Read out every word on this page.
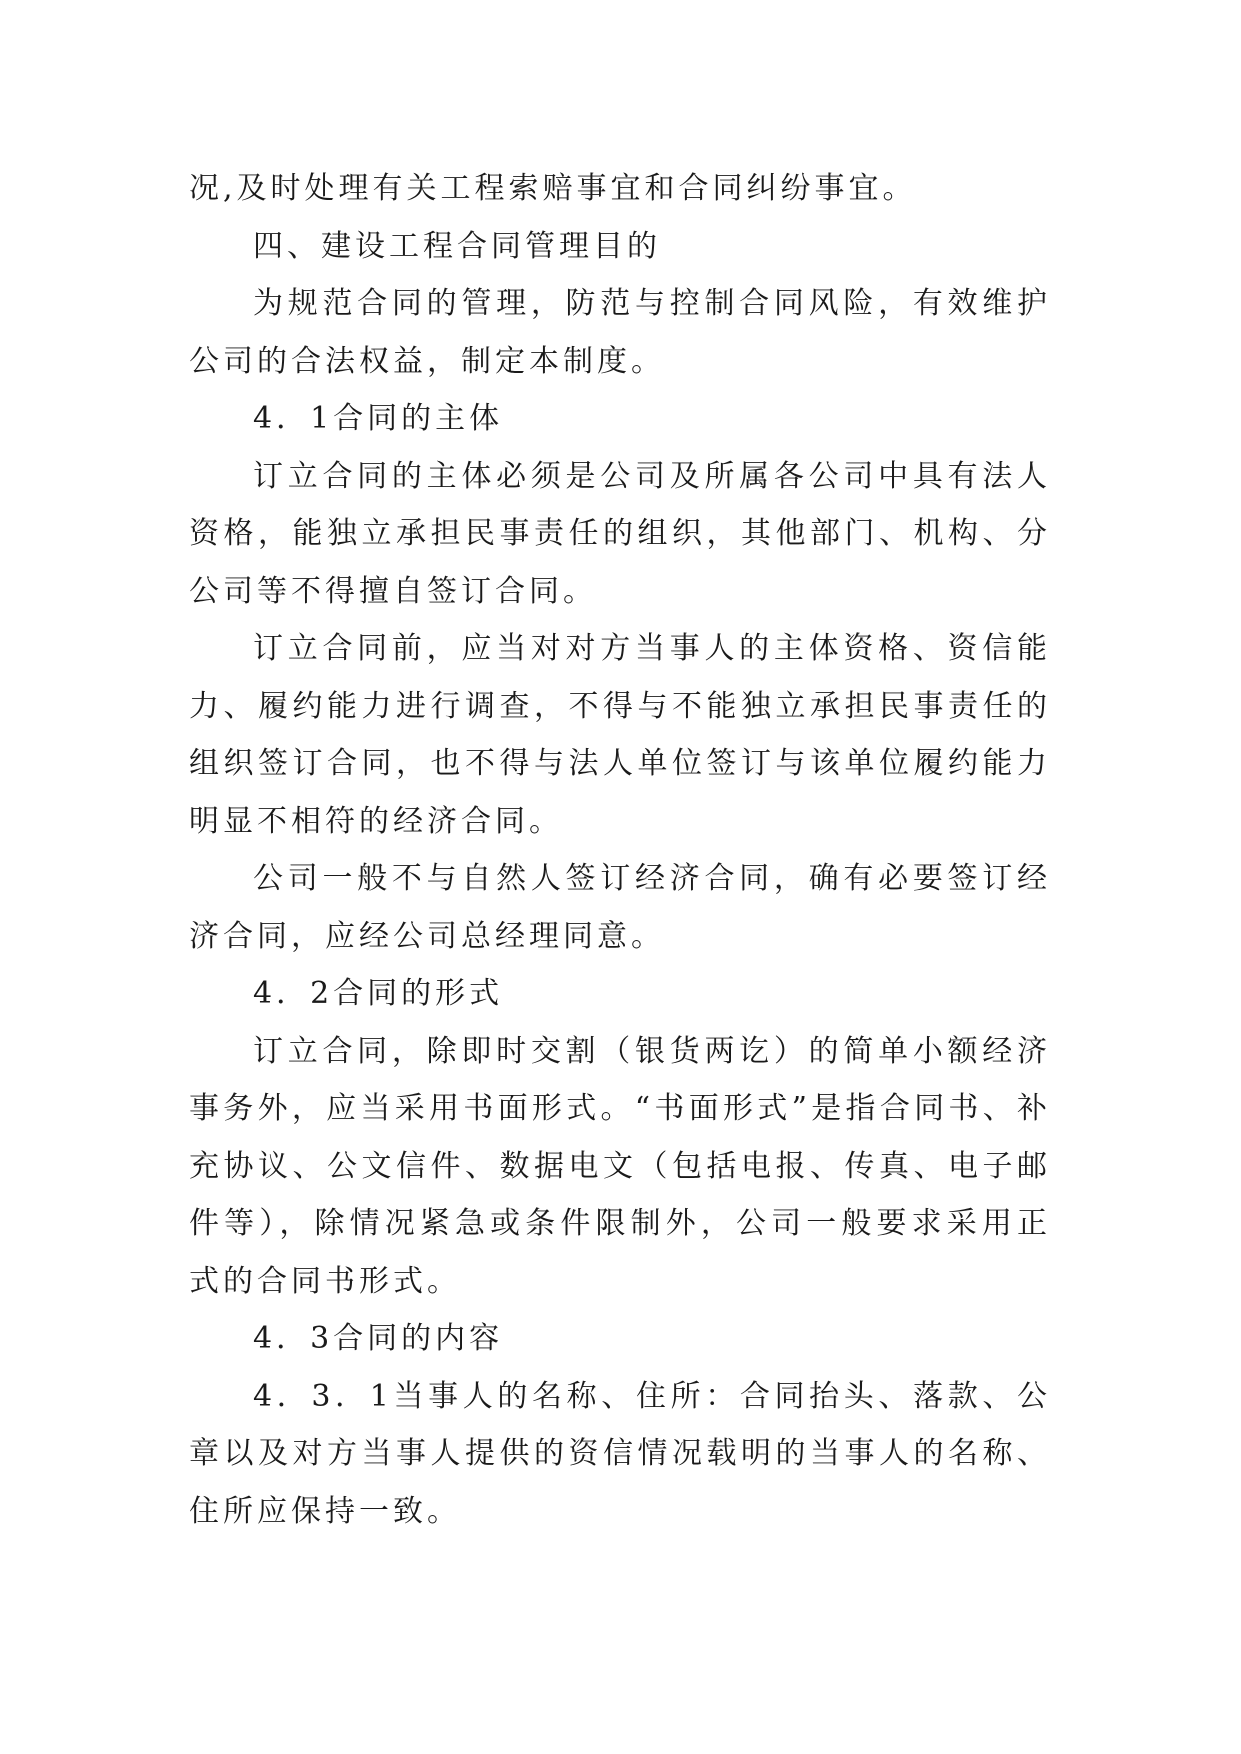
况,及时处理有关工程索赔事宜和合同纠纷事宜。

四、建设工程合同管理目的

为规范合同的管理，防范与控制合同风险，有效维护公司的合法权益，制定本制度。

4．1合同的主体

订立合同的主体必须是公司及所属各公司中具有法人资格，能独立承担民事责任的组织，其他部门、机构、分公司等不得擅自签订合同。

订立合同前，应当对对方当事人的主体资格、资信能力、履约能力进行调查，不得与不能独立承担民事责任的组织签订合同，也不得与法人单位签订与该单位履约能力明显不相符的经济合同。

公司一般不与自然人签订经济合同，确有必要签订经济合同，应经公司总经理同意。

4．2合同的形式

订立合同，除即时交割（银货两讫）的简单小额经济事务外，应当采用书面形式。“书面形式”是指合同书、补充协议、公文信件、数据电文（包括电报、传真、电子邮件等），除情况紧急或条件限制外，公司一般要求采用正式的合同书形式。

4．3合同的内容

4．3．1当事人的名称、住所：合同抬头、落款、公章以及对方当事人提供的资信情况载明的当事人的名称、住所应保持一致。
